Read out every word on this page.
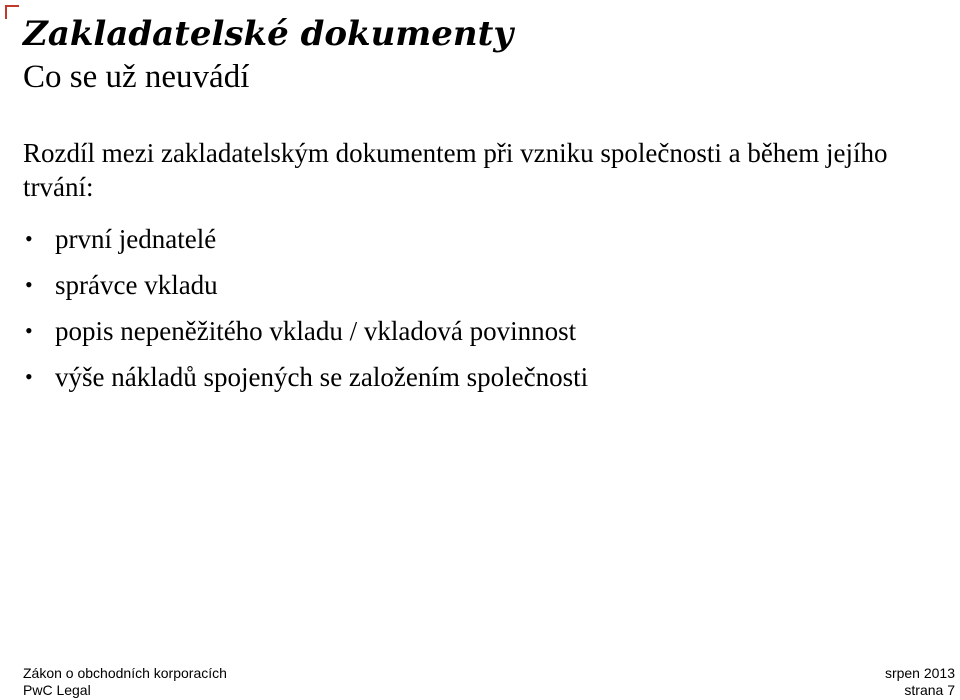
Zakladatelské dokumenty
Co se už neuvádí
Rozdíl mezi zakladatelským dokumentem při vzniku společnosti a během jejího trvání:
• první jednatelé
• správce vkladu
• popis nepeněžitého vkladu / vkladová povinnost
• výše nákladů spojených se založením společnosti
Zákon o obchodních korporacích
PwC Legal
srpen 2013
strana 7
